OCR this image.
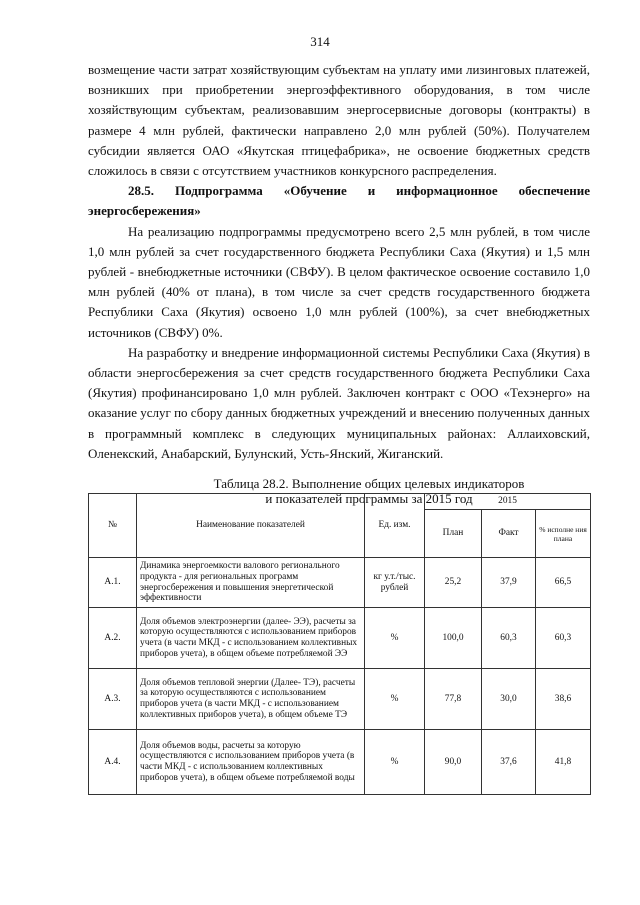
314

возмещение части затрат хозяйствующим субъектам на уплату ими лизинговых платежей, возникших при приобретении энергоэффективного оборудования, в том числе хозяйствующим субъектам, реализовавшим энергосервисные договоры (контракты) в размере 4 млн рублей, фактически направлено 2,0 млн рублей (50%). Получателем субсидии является ОАО «Якутская птицефабрика», не освоение бюджетных средств сложилось в связи с отсутствием участников конкурсного распределения.

28.5. Подпрограмма «Обучение и информационное обеспечение энергосбережения»

На реализацию подпрограммы предусмотрено всего 2,5 млн рублей, в том числе 1,0 млн рублей за счет государственного бюджета Республики Саха (Якутия) и 1,5 млн рублей - внебюджетные источники (СВФУ). В целом фактическое освоение составило 1,0 млн рублей (40% от плана), в том числе за счет средств государственного бюджета Республики Саха (Якутия) освоено 1,0 млн рублей (100%), за счет внебюджетных источников (СВФУ) 0%.

На разработку и внедрение информационной системы Республики Саха (Якутия) в области энергосбережения за счет средств государственного бюджета Республики Саха (Якутия) профинансировано 1,0 млн рублей. Заключен контракт с ООО «Техэнерго» на оказание услуг по сбору данных бюджетных учреждений и внесению полученных данных в программный комплекс в следующих муниципальных районах: Аллаиховский, Оленекский, Анабарский, Булунский, Усть-Янский, Жиганский.

Таблица 28.2. Выполнение общих целевых индикаторов
и показателей программы за 2015 год
№	Наименование показателей	Ед. изм.	2015		
			План	Факт	% исполне ния плана
А.1.	Динамика энергоемкости валового регионального продукта - для региональных программ энергосбережения и повышения энергетической эффективности	кг у.т./тыс. рублей	25,2	37,9	66,5
А.2.	Доля объемов электроэнергии (далее- ЭЭ), расчеты за которую осуществляются с использованием приборов учета (в части МКД - с использованием коллективных приборов учета), в общем объеме потребляемой ЭЭ	%	100,0	60,3	60,3
А.3.	Доля объемов тепловой энергии (Далее- ТЭ), расчеты за которую осуществляются с использованием приборов учета (в части МКД - с использованием коллективных приборов учета), в общем объеме ТЭ	%	77,8	30,0	38,6
А.4.	Доля объемов воды, расчеты за которую осуществляются с использованием приборов учета (в части МКД - с использованием коллективных приборов учета), в общем объеме потребляемой воды	%	90,0	37,6	41,8
